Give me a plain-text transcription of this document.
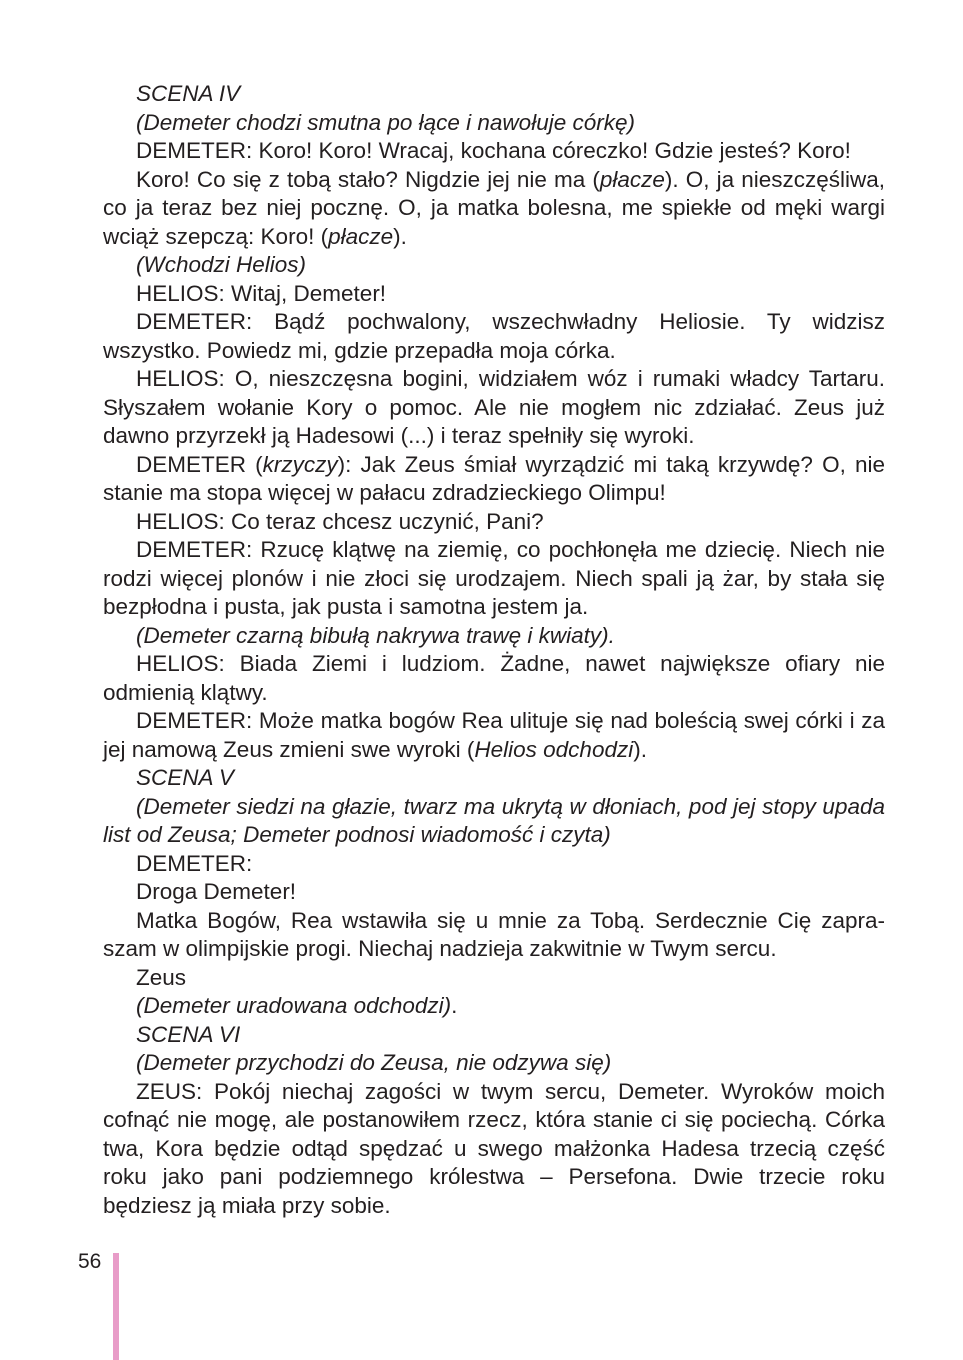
SCENA IV

(Demeter chodzi smutna po łące i nawołuje córkę)

DEMETER: Koro! Koro! Wracaj, kochana córeczko! Gdzie jesteś? Koro!

Koro! Co się z tobą stało? Nigdzie jej nie ma (płacze). O, ja nieszczęśliwa, co ja teraz bez niej pocznę. O, ja matka bolesna, me spiekłe od męki wargi wciąż szepczą: Koro! (płacze).

(Wchodzi Helios)

HELIOS: Witaj, Demeter!

DEMETER: Bądź pochwalony, wszechwładny Heliosie. Ty widzisz wszystko. Powiedz mi, gdzie przepadła moja córka.

HELIOS: O, nieszczęsna bogini, widziałem wóz i rumaki władcy Tartaru. Słyszałem wołanie Kory o pomoc. Ale nie mogłem nic zdziałać. Zeus już dawno przyrzekł ją Hadesowi (...) i teraz spełniły się wyroki.

DEMETER (krzyczy): Jak Zeus śmiał wyrządzić mi taką krzywdę? O, nie stanie ma stopa więcej w pałacu zdradzieckiego Olimpu!

HELIOS: Co teraz chcesz uczynić, Pani?

DEMETER: Rzucę klątwę na ziemię, co pochłonęła me dziecię. Niech nie rodzi więcej plonów i nie złoci się urodzajem. Niech spali ją żar, by stała się bezpłodna i pusta, jak pusta i samotna jestem ja.

(Demeter czarną bibułą nakrywa trawę i kwiaty).

HELIOS: Biada Ziemi i ludziom. Żadne, nawet największe ofiary nie odmienią klątwy.

DEMETER: Może matka bogów Rea ulituje się nad boleścią swej córki i za jej namową Zeus zmieni swe wyroki (Helios odchodzi).

SCENA V

(Demeter siedzi na głazie, twarz ma ukrytą w dłoniach, pod jej stopy upada list od Zeusa; Demeter podnosi wiadomość i czyta)

DEMETER:

Droga Demeter!

Matka Bogów, Rea wstawiła się u mnie za Tobą. Serdecznie Cię zapraszam w olimpijskie progi. Niechaj nadzieja zakwitnie w Twym sercu.

Zeus

(Demeter uradowana odchodzi).

SCENA VI

(Demeter przychodzi do Zeusa, nie odzywa się)

ZEUS: Pokój niechaj zagości w twym sercu, Demeter. Wyroków moich cofnąć nie mogę, ale postanowiłem rzecz, która stanie ci się pociechą. Córka twa, Kora będzie odtąd spędzać u swego małżonka Hadesa trzecią część roku jako pani podziemnego królestwa – Persefona. Dwie trzecie roku będziesz ją miała przy sobie.

56
